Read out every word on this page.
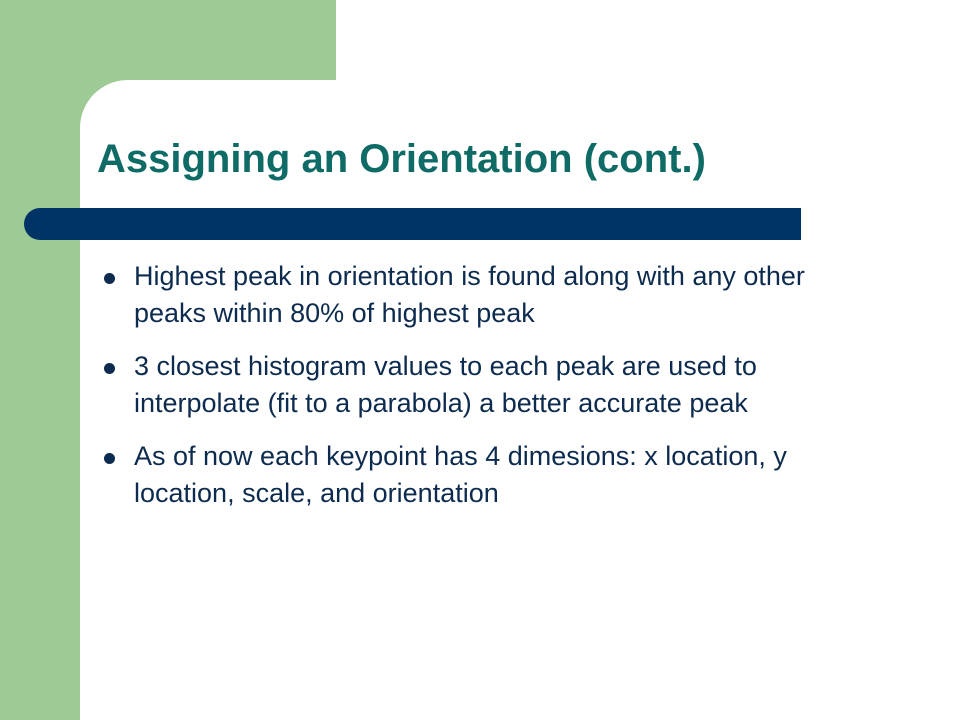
Assigning an Orientation (cont.)
Highest peak in orientation is found along with any other peaks within 80% of highest peak
3 closest histogram values to each peak are used to interpolate (fit to a parabola) a better accurate peak
As of now each keypoint has 4 dimesions: x location, y location, scale, and orientation
